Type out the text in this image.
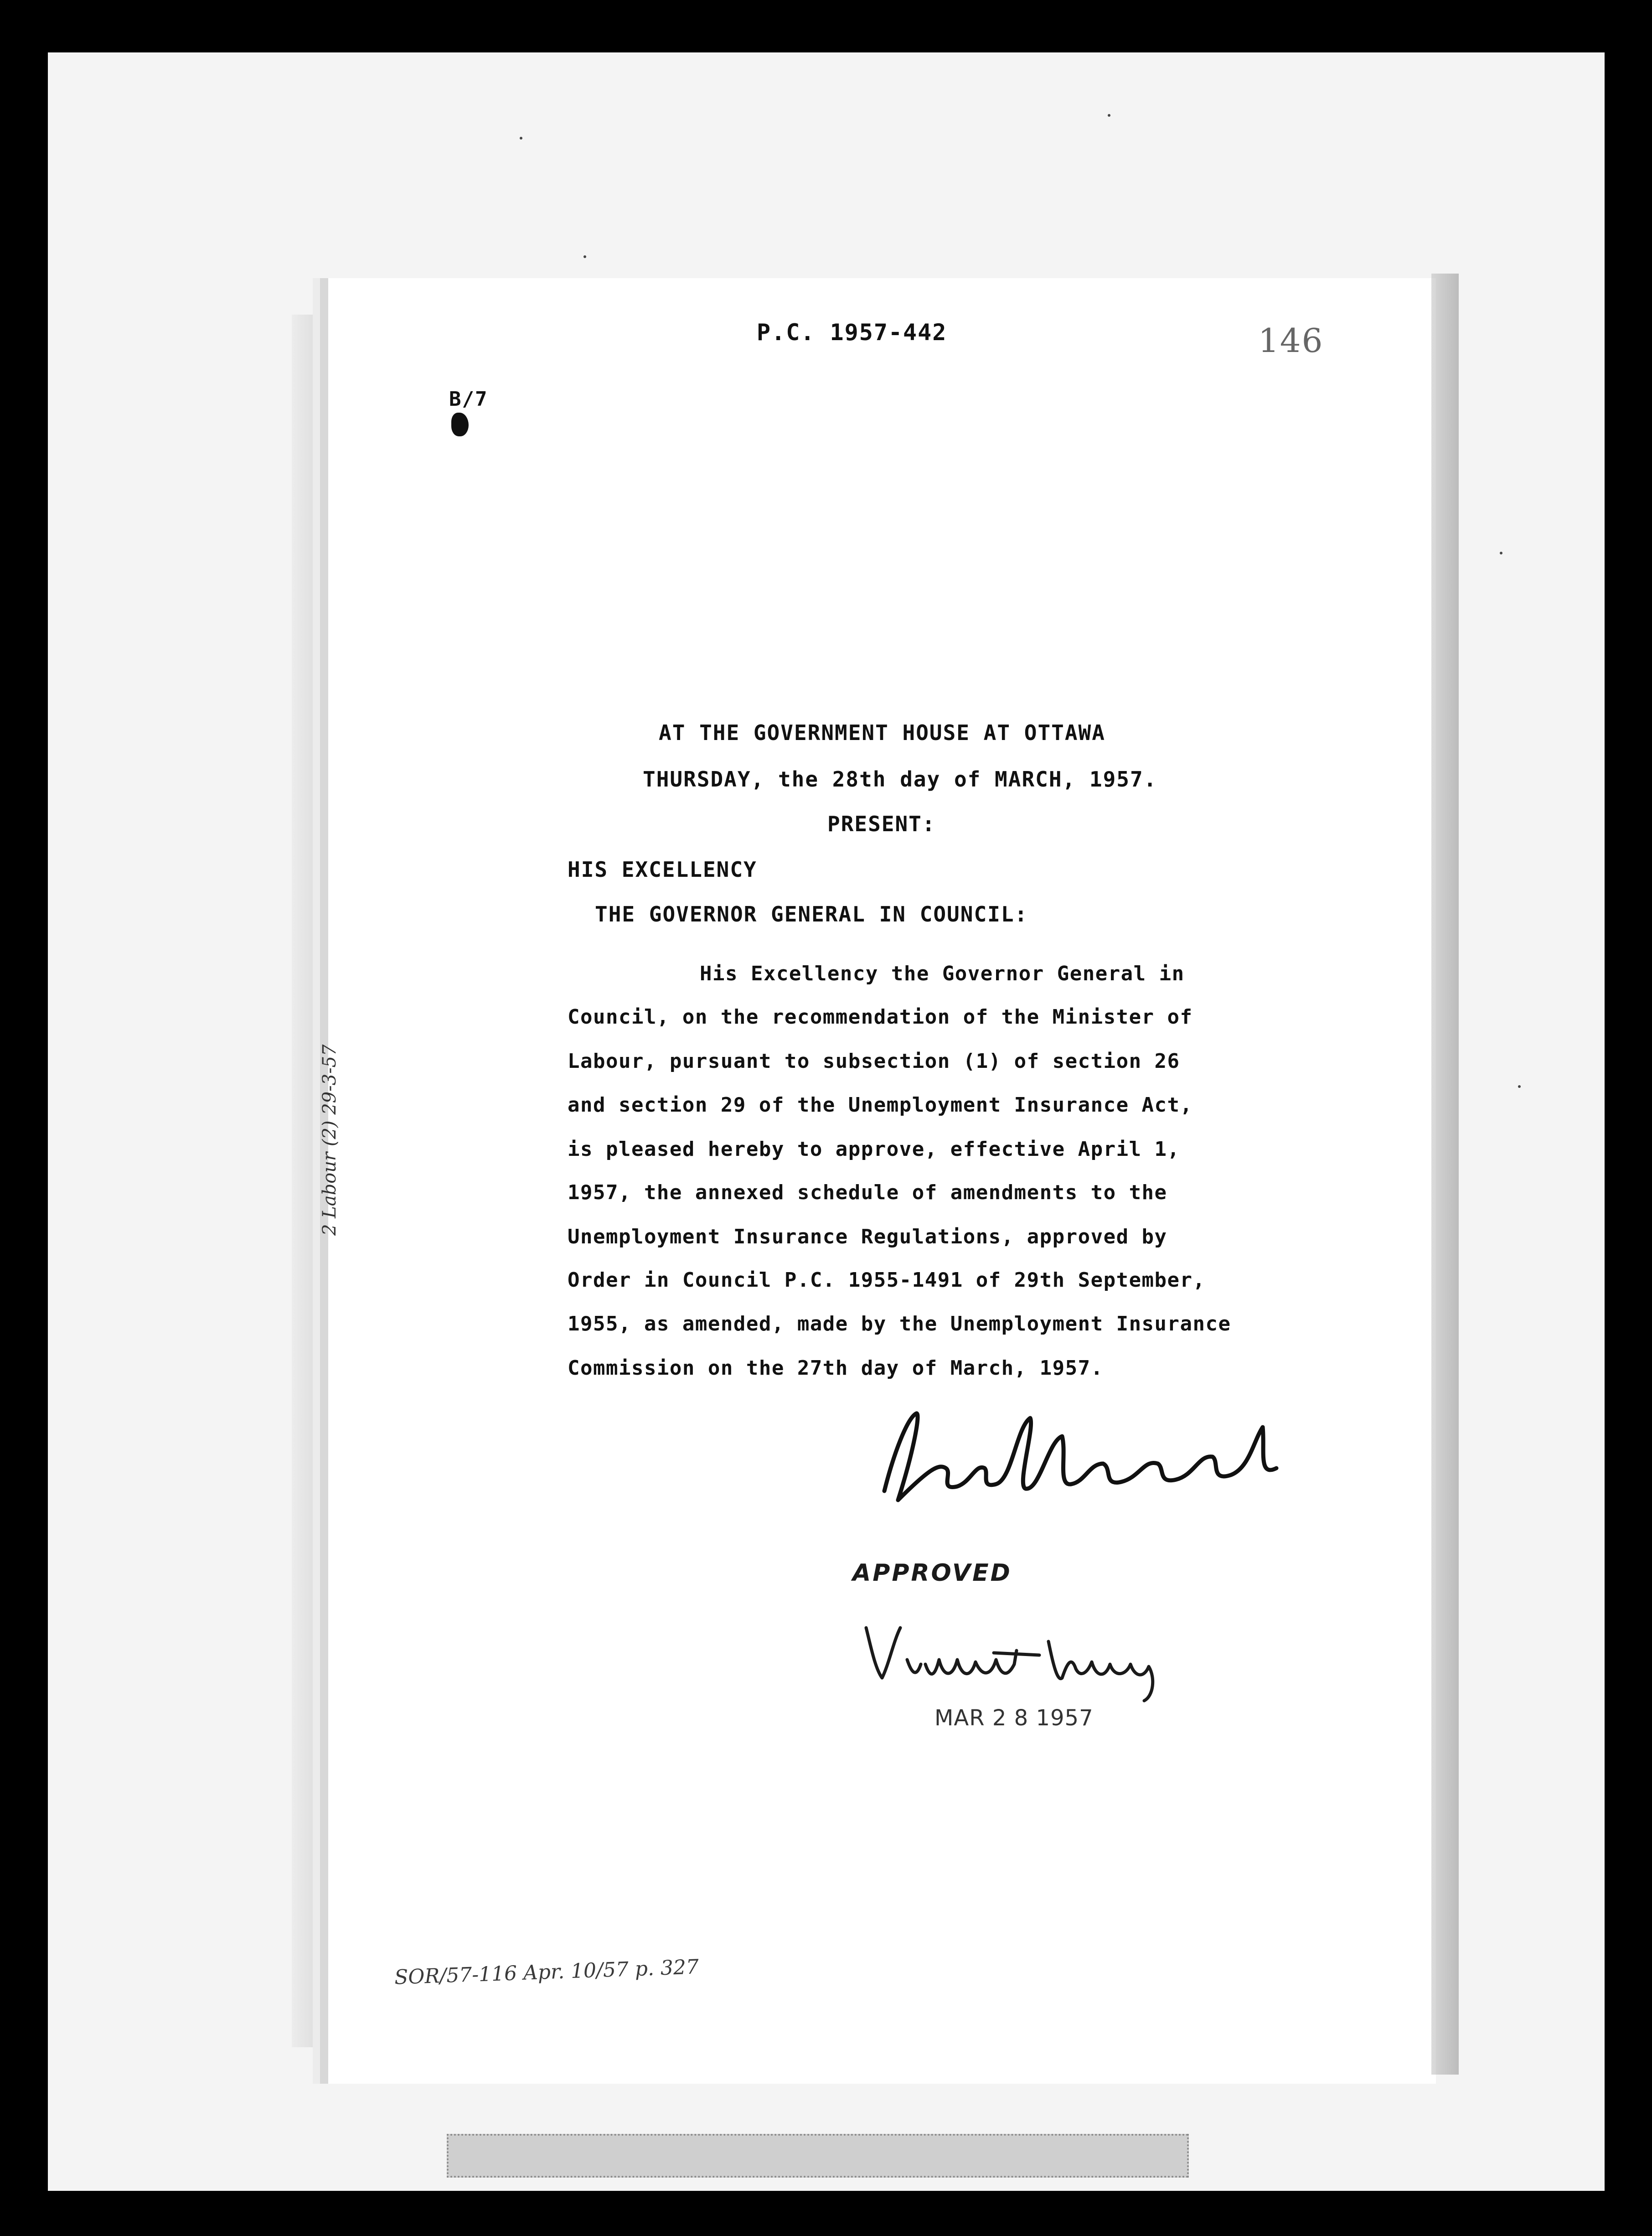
P.C. 1957-442	146
B/7
AT THE GOVERNMENT HOUSE AT OTTAWA
THURSDAY, the 28th day of MARCH, 1957.
PRESENT:
HIS EXCELLENCY
THE GOVERNOR GENERAL IN COUNCIL:
His Excellency the Governor General in
Council, on the recommendation of the Minister of
Labour, pursuant to subsection (1) of section 26
and section 29 of the Unemployment Insurance Act,
is pleased hereby to approve, effective April 1,
1957, the annexed schedule of amendments to the
Unemployment Insurance Regulations, approved by
Order in Council P.C. 1955-1491 of 29th September,
1955, as amended, made by the Unemployment Insurance
Commission on the 27th day of March, 1957.
2 Labour (2) 29-3-57
APPROVED
MAR 2 8 1957
SOR/57-116 Apr. 10/57 p. 327
